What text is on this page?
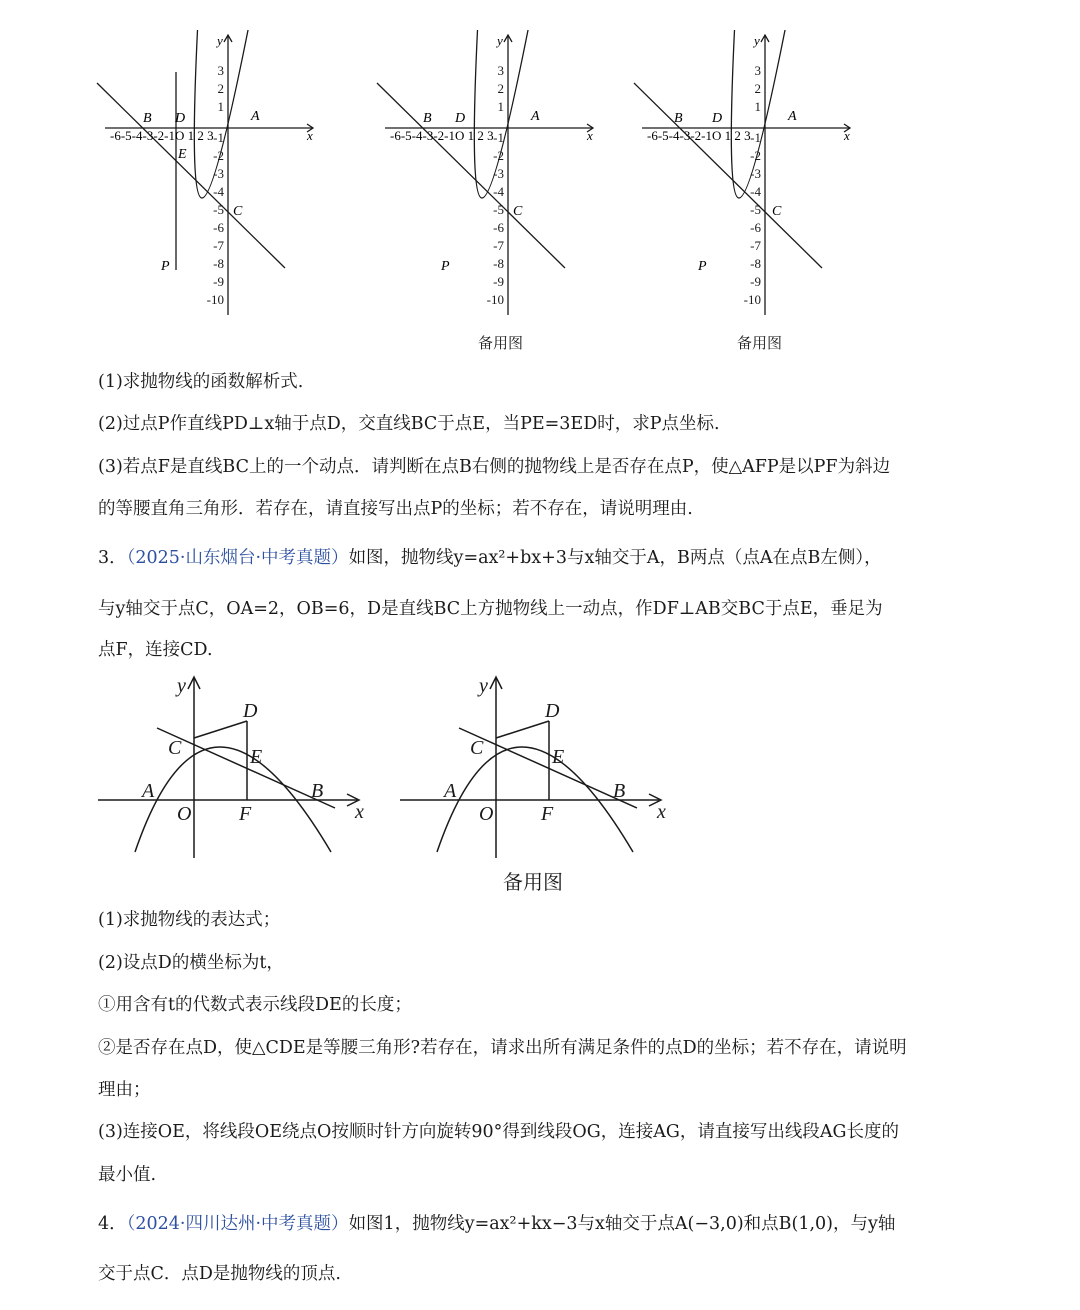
3
2
1
-1
-2
-3
-4
-5
-6
-7
-8
-9
-10
-6-5-4-3-2-1O 1 2 3	x
y
B D	A
E
C
P
3
2
1
-1
-2
-3
-4
-5
-6
-7
-8
-9
-10
-6-5-4-3-2-1O 1 2 3	x
y
B D	A
C
P
备用图
3
2
1
-1
-2
-3
-4
-5
-6
-7
-8
-9
-10
-6-5-4-3-2-1O 1 2 3	x
y
B D	A
C
P
备用图
(1)求抛物线的函数解析式.
(2)过点P作直线PD⊥x轴于点D，交直线BC于点E，当PE=3ED时，求P点坐标.
(3)若点F是直线BC上的一个动点．请判断在点B右侧的抛物线上是否存在点P，使△AFP是以PF为斜边
的等腰直角三角形．若存在，请直接写出点P的坐标；若不存在，请说明理由.
3．（2025·山东烟台·中考真题）如图，抛物线y=ax²+bx+3与x轴交于A，B两点（点A在点B左侧），
与y轴交于点C，OA=2，OB=6，D是直线BC上方抛物线上一动点，作DF⊥AB交BC于点E，垂足为
点F，连接CD.
y
x
C
D
E
A
O F
B
y
x
C
D
E
A
O F
B
备用图
(1)求抛物线的表达式；
(2)设点D的横坐标为t，
①用含有t的代数式表示线段DE的长度；
②是否存在点D，使△CDE是等腰三角形?若存在，请求出所有满足条件的点D的坐标；若不存在，请说明
理由；
(3)连接OE，将线段OE绕点O按顺时针方向旋转90°得到线段OG，连接AG，请直接写出线段AG长度的
最小值.
4．（2024·四川达州·中考真题）如图1，抛物线y=ax²+kx−3与x轴交于点A(−3,0)和点B(1,0)，与y轴
交于点C．点D是抛物线的顶点.
